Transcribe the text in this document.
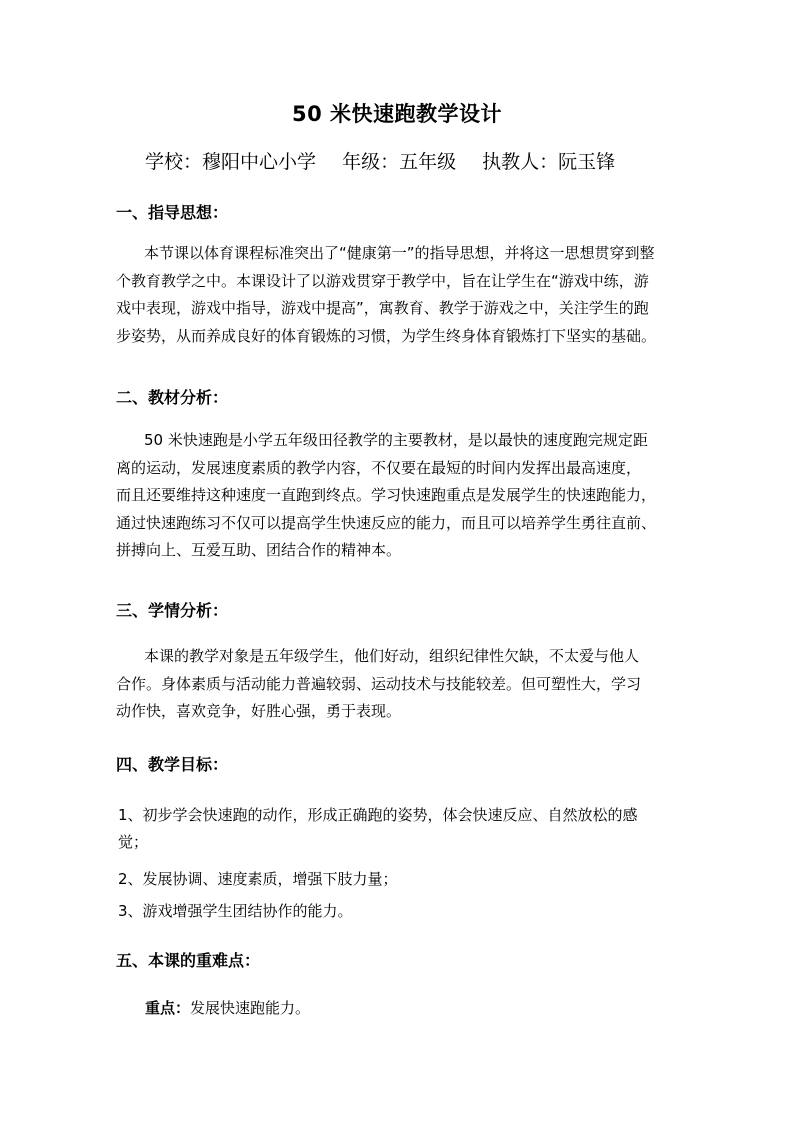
50 米快速跑教学设计
学校：穆阳中心小学 年级：五年级 执教人：阮玉锋
一、指导思想：
本节课以体育课程标准突出了“健康第一”的指导思想，并将这一思想贯穿到整
个教育教学之中。本课设计了以游戏贯穿于教学中，旨在让学生在“游戏中练，游
戏中表现，游戏中指导，游戏中提高”，寓教育、教学于游戏之中，关注学生的跑
步姿势，从而养成良好的体育锻炼的习惯，为学生终身体育锻炼打下坚实的基础。
二、教材分析：
50 米快速跑是小学五年级田径教学的主要教材，是以最快的速度跑完规定距
离的运动，发展速度素质的教学内容，不仅要在最短的时间内发挥出最高速度，
而且还要维持这种速度一直跑到终点。学习快速跑重点是发展学生的快速跑能力，
通过快速跑练习不仅可以提高学生快速反应的能力，而且可以培养学生勇往直前、
拼搏向上、互爱互助、团结合作的精神本。
三、学情分析：
本课的教学对象是五年级学生，他们好动，组织纪律性欠缺，不太爱与他人
合作。身体素质与活动能力普遍较弱、运动技术与技能较差。但可塑性大，学习
动作快，喜欢竞争，好胜心强，勇于表现。
四、教学目标：
1、初步学会快速跑的动作，形成正确跑的姿势，体会快速反应、自然放松的感
觉；
2、发展协调、速度素质，增强下肢力量；
3、游戏增强学生团结协作的能力。
五、本课的重难点：
重点：发展快速跑能力。
